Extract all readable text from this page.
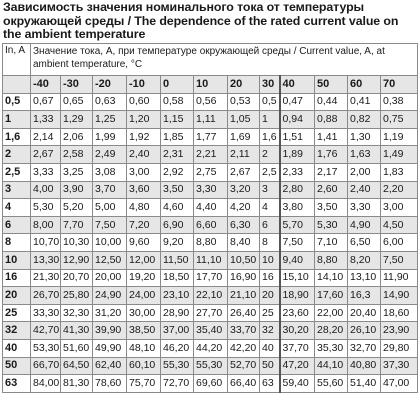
Зависимость значения номинального тока от температуры окружающей среды / The dependence of the rated current value on the ambient temperature
In, A	Значение тока, А, при температуре окружающей среды / Current value, A, at ambient temperature, °C											
	-40	-30	-20	-10	0	10	20	30	40	50	60	70
0,5	0,67	0,65	0,63	0,60	0,58	0,56	0,53	0,5	0,47	0,44	0,41	0,38
1	1,33	1,29	1,25	1,20	1,15	1,11	1,05	1	0,94	0,88	0,82	0,75
1,6	2,14	2,06	1,99	1,92	1,85	1,77	1,69	1,6	1,51	1,41	1,30	1,19
2	2,67	2,58	2,49	2,40	2,31	2,21	2,11	2	1,89	1,76	1,63	1,49
2,5	3,33	3,25	3,08	3,00	2,92	2,75	2,67	2,5	2,33	2,17	2,00	1,83
3	4,00	3,90	3,70	3,60	3,50	3,30	3,20	3	2,80	2,60	2,40	2,20
4	5,30	5,20	5,00	4,80	4,60	4,40	4,20	4	3,80	3,50	3,30	3,00
6	8,00	7,70	7,50	7,20	6,90	6,60	6,30	6	5,70	5,30	4,90	4,50
8	10,70	10,30	10,00	9,60	9,20	8,80	8,40	8	7,50	7,10	6,50	6,00
10	13,30	12,90	12,50	12,00	11,50	11,10	10,50	10	9,40	8,80	8,20	7,50
16	21,30	20,70	20,00	19,20	18,50	17,70	16,90	16	15,10	14,10	13,10	11,90
20	26,70	25,80	24,90	24,00	23,10	22,10	21,10	20	18,90	17,60	16,3	14,90
25	33,30	32,30	31,20	30,00	28,90	27,70	26,40	25	23,60	22,00	20,40	18,60
32	42,70	41,30	39,90	38,50	37,00	35,40	33,70	32	30,20	28,20	26,10	23,90
40	53,30	51,60	49,90	48,10	46,20	44,20	42,20	40	37,70	35,30	32,70	29,80
50	66,70	64,50	62,40	60,10	55,30	55,30	52,70	50	47,20	44,10	40,80	37,30
63	84,00	81,30	78,60	75,70	72,70	69,60	66,40	63	59,40	55,60	51,40	47,00
